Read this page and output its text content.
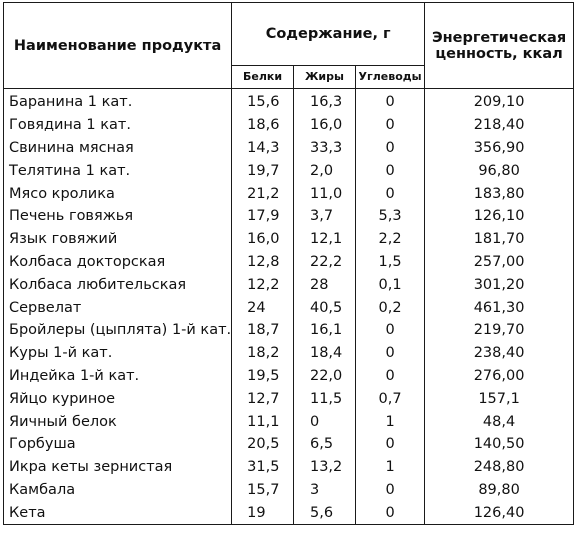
Наименование продукта	Содержание, г			Энергетическая ценность, ккал
	Белки	Жиры	Углеводы	
Баранина 1 кат.	15,6	16,3	0	209,10
Говядина 1 кат.	18,6	16,0	0	218,40
Свинина мясная	14,3	33,3	0	356,90
Телятина 1 кат.	19,7	2,0	0	96,80
Мясо кролика	21,2	11,0	0	183,80
Печень говяжья	17,9	3,7	5,3	126,10
Язык говяжий	16,0	12,1	2,2	181,70
Колбаса докторская	12,8	22,2	1,5	257,00
Колбаса любительская	12,2	28	0,1	301,20
Сервелат	24	40,5	0,2	461,30
Бройлеры (цыплята) 1-й кат.	18,7	16,1	0	219,70
Куры 1-й кат.	18,2	18,4	0	238,40
Индейка 1-й кат.	19,5	22,0	0	276,00
Яйцо куриное	12,7	11,5	0,7	157,1
Яичный белок	11,1	0	1	48,4
Горбуша	20,5	6,5	0	140,50
Икра кеты зернистая	31,5	13,2	1	248,80
Камбала	15,7	3	0	89,80
Кета	19	5,6	0	126,40
